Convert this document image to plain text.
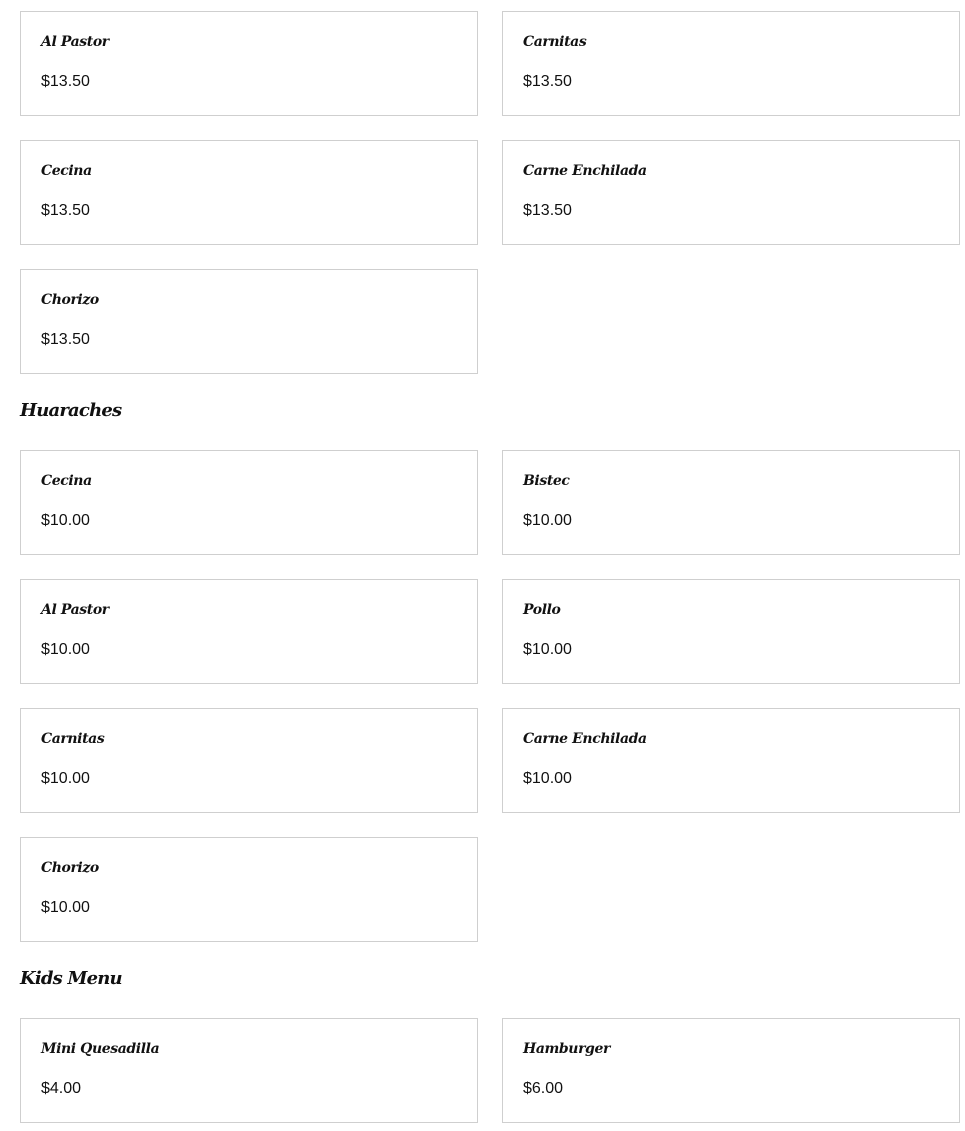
Al Pastor
$13.50
Carnitas
$13.50
Cecina
$13.50
Carne Enchilada
$13.50
Chorizo
$13.50
Huaraches
Cecina
$10.00
Bistec
$10.00
Al Pastor
$10.00
Pollo
$10.00
Carnitas
$10.00
Carne Enchilada
$10.00
Chorizo
$10.00
Kids Menu
Mini Quesadilla
$4.00
Hamburger
$6.00
